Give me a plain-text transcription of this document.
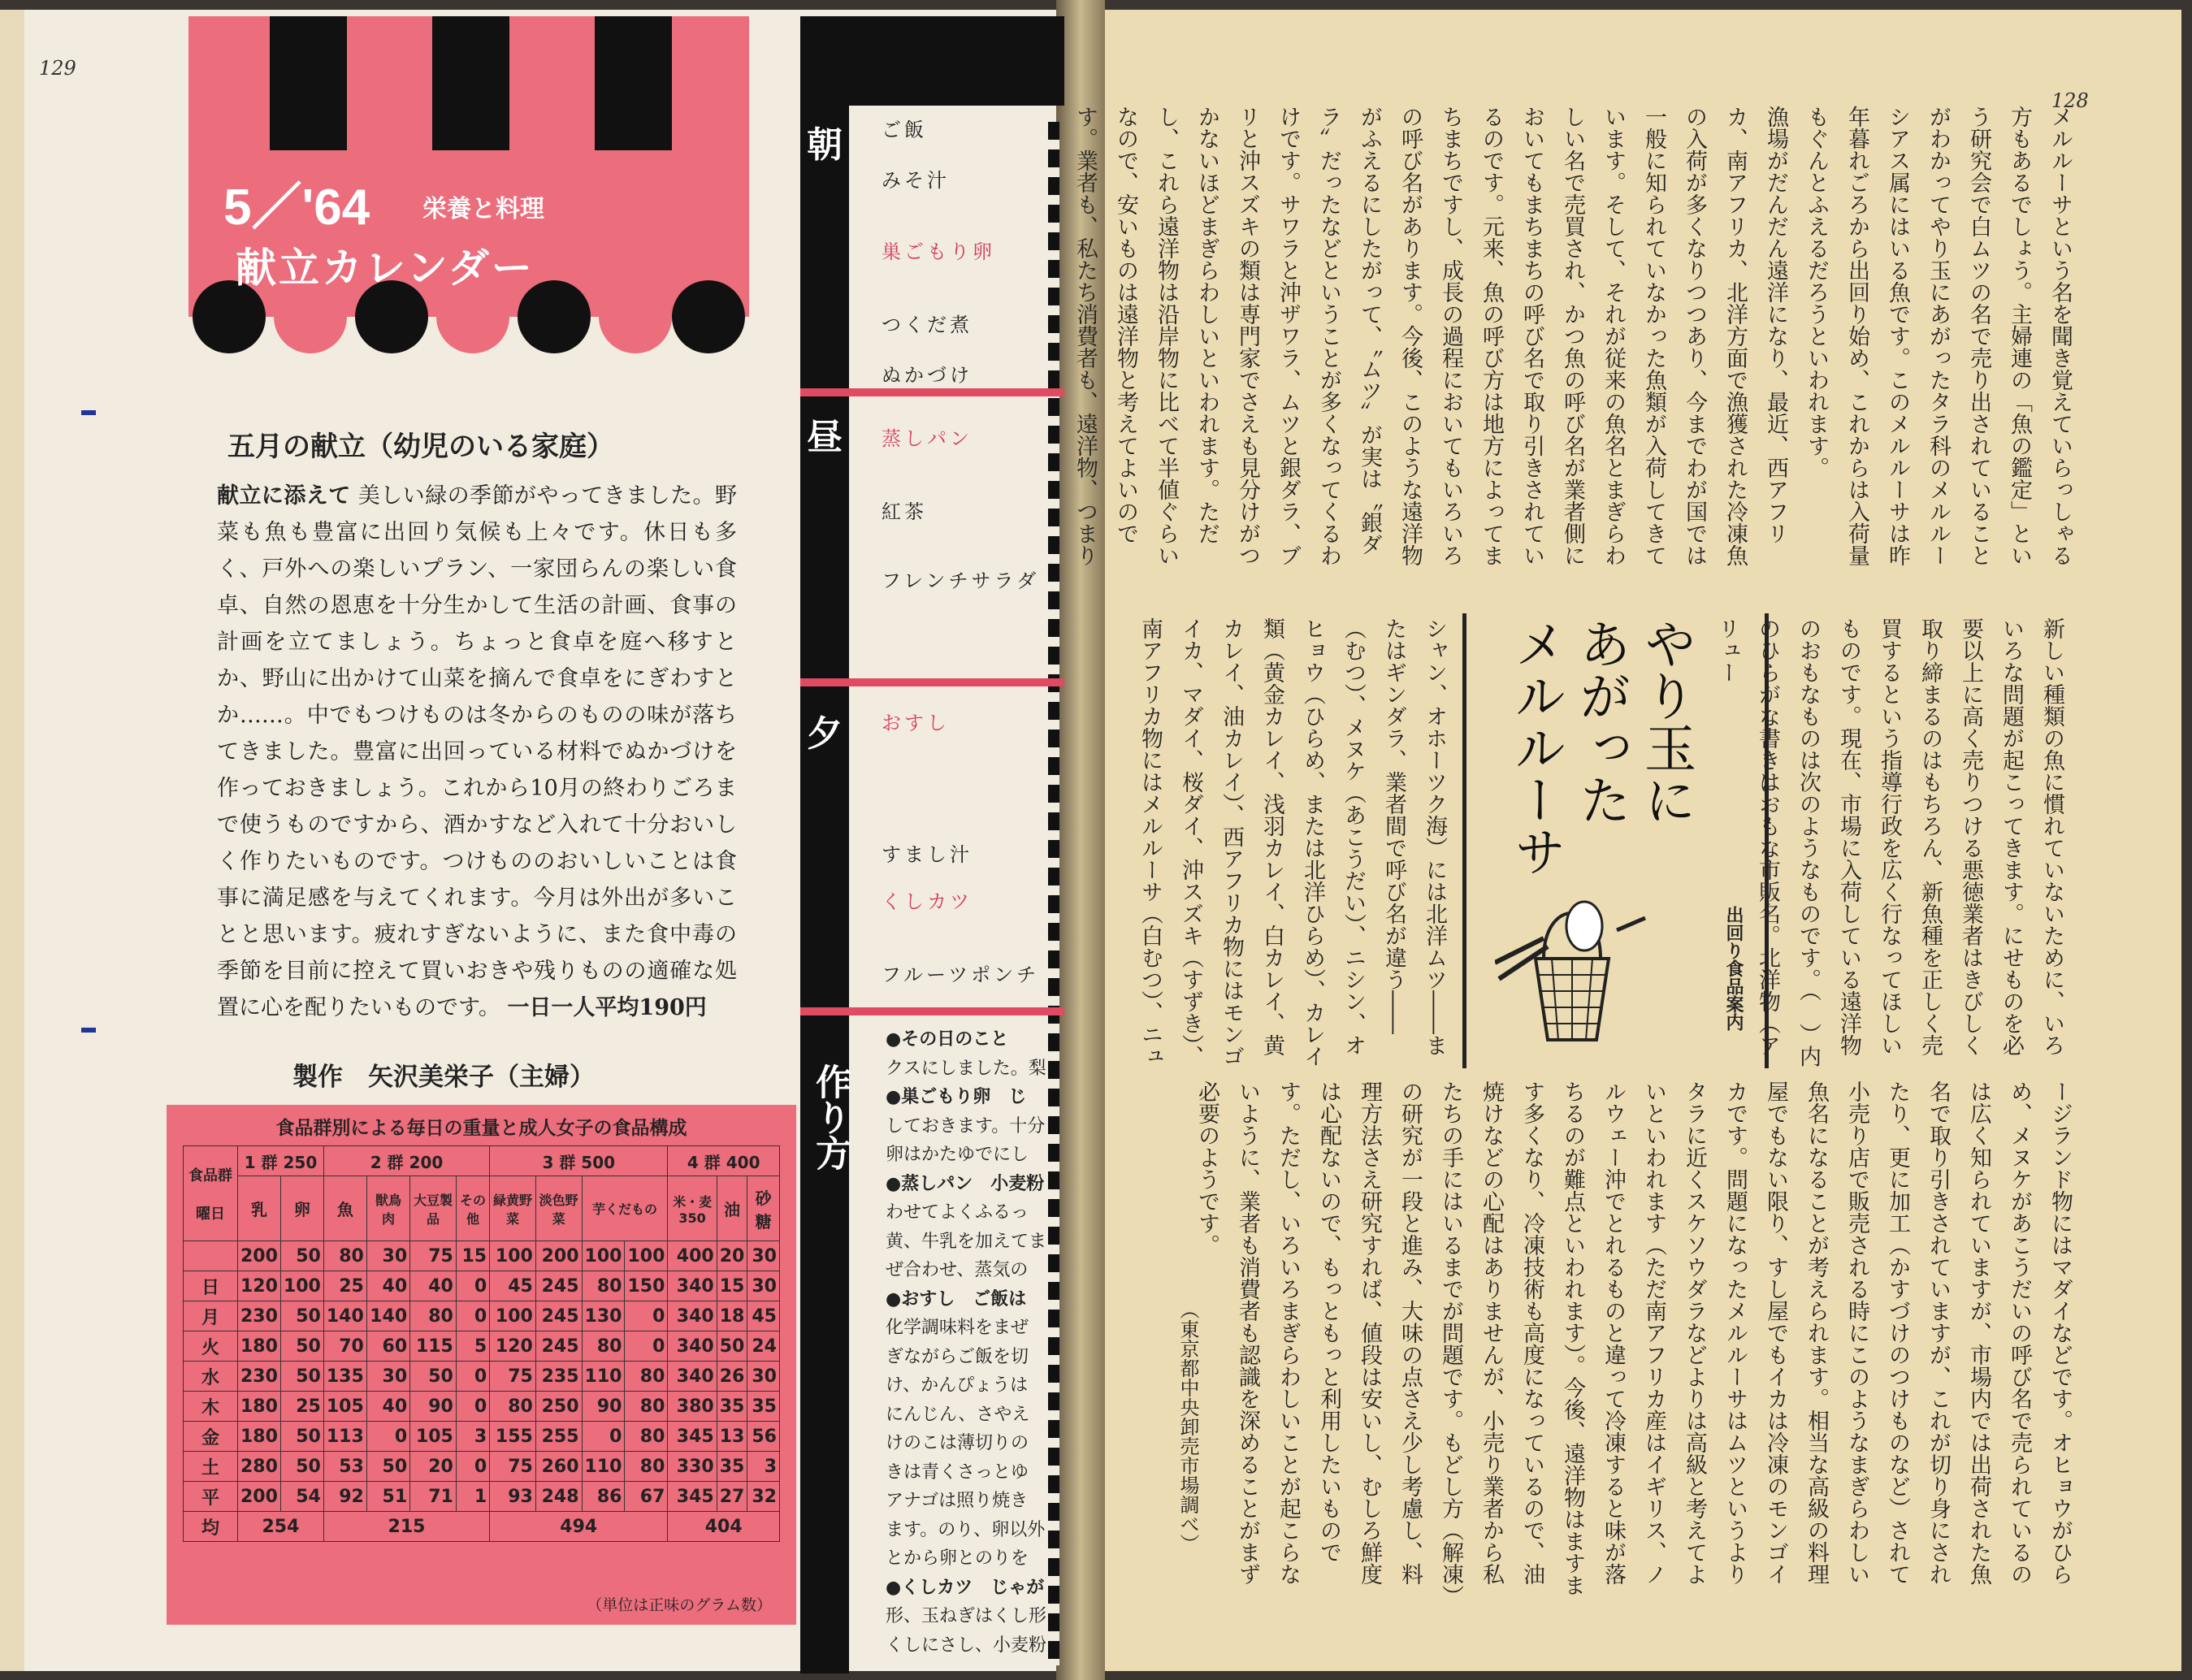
129
128
5／'64 栄養と料理
献立カレンダー
五月の献立（幼児のいる家庭）
献立に添えて 美しい緑の季節がやってきました。野菜も魚も豊富に出回り気候も上々です。休日も多く、戸外への楽しいプラン、一家団らんの楽しい食卓、自然の恩恵を十分生かして生活の計画、食事の計画を立てましょう。ちょっと食卓を庭へ移すとか、野山に出かけて山菜を摘んで食卓をにぎわすとか……。中でもつけものは冬からのものの味が落ちてきました。豊富に出回っている材料でぬかづけを作っておきましょう。これから10月の終わりごろまで使うものですから、酒かすなど入れて十分おいしく作りたいものです。つけもののおいしいことは食事に満足感を与えてくれます。今月は外出が多いことと思います。疲れすぎないように、また食中毒の季節を目前に控えて買いおきや残りものの適確な処置に心を配りたいものです。 一日一人平均190円
製作　矢沢美栄子（主婦）
食品群別による毎日の重量と成人女子の食品構成
食品群

曜日	1 群 250		2 群 200				3 群 500				4 群 400		
	乳	卵	魚	獣鳥肉	大豆製品	その他	緑黄野菜	淡色野菜	芋くだもの		米・麦350	油	砂糖
	200	50	80	30	75	15	100	200	100	100	400	20	30
日	120	100	25	40	40	0	45	245	80	150	340	15	30
月	230	50	140	140	80	0	100	245	130	0	340	18	45
火	180	50	70	60	115	5	120	245	80	0	340	50	24
水	230	50	135	30	50	0	75	235	110	80	340	26	30
木	180	25	105	40	90	0	80	250	90	80	380	35	35
金	180	50	113	0	105	3	155	255	0	80	345	13	56
土	280	50	53	50	20	0	75	260	110	80	330	35	3
平	200	54	92	51	71	1	93	248	86	67	345	27	32
均	254		215				494				404		
（単位は正味のグラム数）
朝
昼
夕
作り方
ご飯
みそ汁
巣ごもり卵
つくだ煮
ぬかづけ
蒸しパン
紅茶
フレンチサラダ
おすし
すまし汁
くしカツ
フルーツポンチ
●その日のこと
クスにしました。梨
●巣ごもり卵　じ
しておきます。十分
卵はかたゆでにし
●蒸しパン　小麦粉
わせてよくふるっ
黄、牛乳を加えてま
ぜ合わせ、蒸気の
●おすし　ご飯は
化学調味料をまぜ
ぎながらご飯を切
け、かんぴょうは
にんじん、さやえ
けのこは薄切りの
きは青くさっとゆ
アナゴは照り焼き
ます。のり、卵以外
とから卵とのりを
●くしカツ　じゃが
形、玉ねぎはくし形
くしにさし、小麦粉
メルルーサという名を聞き覚えていらっしゃる方もあるでしょう。主婦連の「魚の鑑定」という研究会で白ムツの名で売り出されていることがわかってやり玉にあがったタラ科のメルルーシアス属にはいる魚です。このメルルーサは昨年暮れごろから出回り始め、これからは入荷量もぐんとふえるだろうといわれます。
漁場がだんだん遠洋になり、最近、西アフリカ、南アフリカ、北洋方面で漁獲された冷凍魚の入荷が多くなりつつあり、今までわが国では一般に知られていなかった魚類が入荷してきています。そして、それが従来の魚名とまぎらわしい名で売買され、かつ魚の呼び名が業者側においてもまちまちの呼び名で取り引きされているのです。元来、魚の呼び方は地方によってまちまちですし、成長の過程においてもいろいろの呼び名があります。今後、このような遠洋物がふえるにしたがって、〝ムツ〟が実は〝銀ダラ〟だったなどということが多くなってくるわけです。サワラと沖ザワラ、ムツと銀ダラ、ブリと沖スズキの類は専門家でさえも見分けがつかないほどまぎらわしいといわれます。ただし、これら遠洋物は沿岸物に比べて半値ぐらいなので、安いものは遠洋物と考えてよいのです。業者も、私たち消費者も、遠洋物、つまり
新しい種類の魚に慣れていないために、いろいろな問題が起こってきます。にせものを必要以上に高く売りつける悪徳業者はきびしく取り締まるのはもちろん、新魚種を正しく売買するという指導行政を広く行なってほしいものです。現在、市場に入荷している遠洋物のおもなものは次のようなものです。（　）内のひらがな書きはおもな市販名。北洋物（アリュー
やり玉に
あがった
メルルーサ
出回り食品案内
シャン、オホーツク海）には北洋ムツ――またはギンダラ、業者間で呼び名が違う――（むつ）、メヌケ（あこうだい）、ニシン、オヒョウ（ひらめ、または北洋ひらめ）、カレイ類（黄金カレイ、浅羽カレイ、白カレイ、黄カレイ、油カレイ）、西アフリカ物にはモンゴイカ、マダイ、桜ダイ、沖スズキ（すずき）、南アフリカ物にはメルルーサ（白むつ）、ニュ
ージランド物にはマダイなどです。オヒョウがひらめ、メヌケがあこうだいの呼び名で売られているのは広く知られていますが、市場内では出荷された魚名で取り引きされていますが、これが切り身にされたり、更に加工（かすづけのつけものなど）されて小売り店で販売される時にこのようなまぎらわしい魚名になることが考えられます。相当な高級の料理屋でもない限り、すし屋でもイカは冷凍のモンゴイカです。問題になったメルルーサはムツというよりタラに近くスケソウダラなどよりは高級と考えてよいといわれます（ただ南アフリカ産はイギリス、ノルウェー沖でとれるものと違って冷凍すると味が落ちるのが難点といわれます）。今後、遠洋物はますます多くなり、冷凍技術も高度になっているので、油焼けなどの心配はありませんが、小売り業者から私たちの手にはいるまでが問題です。もどし方（解凍）の研究が一段と進み、大味の点さえ少し考慮し、料理方法さえ研究すれば、値段は安いし、むしろ鮮度は心配ないので、もっともっと利用したいものです。ただし、いろいろまぎらわしいことが起こらないように、業者も消費者も認識を深めることがまず必要のようです。
（東京都中央卸売市場調べ）
